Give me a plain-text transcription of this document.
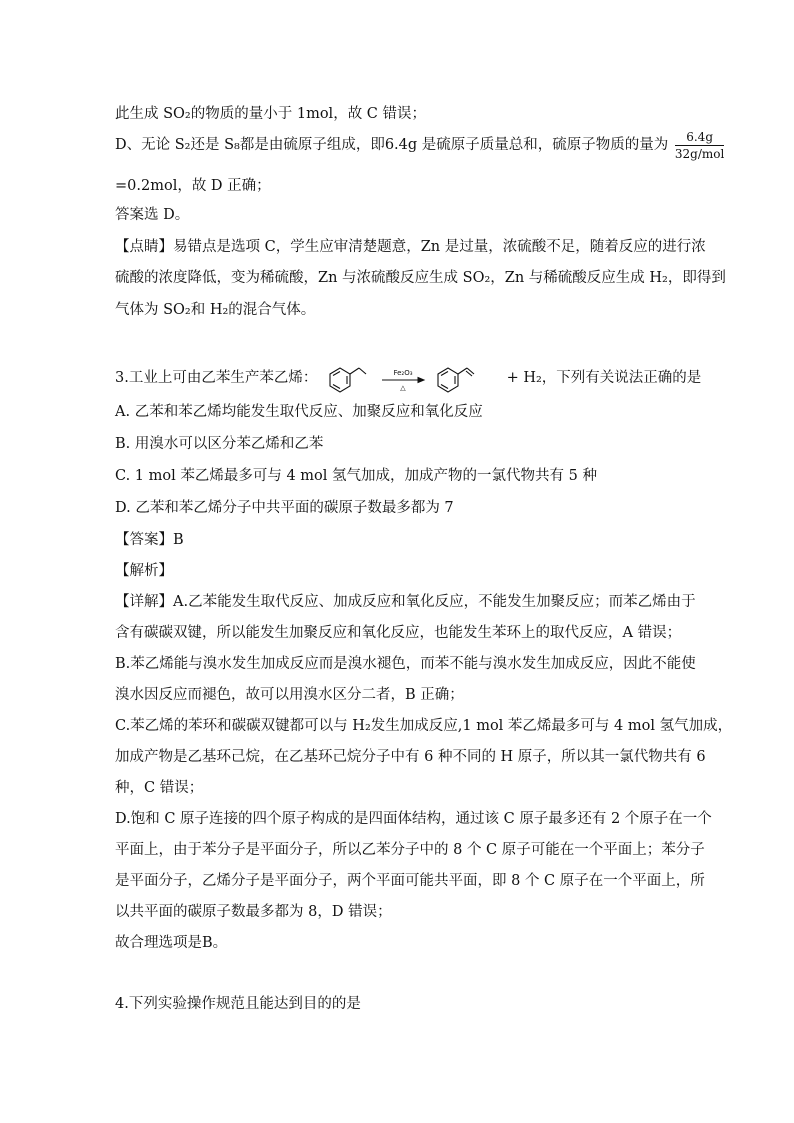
此生成 SO₂的物质的量小于 1mol，故 C 错误；
D、无论 S₂还是 S₈都是由硫原子组成，即6.4g 是硫原子质量总和，硫原子物质的量为 $\frac{6.4g}{\text{32g/mol}}$
=0.2mol，故 D 正确；
答案选 D。
【点睛】易错点是选项 C，学生应审清楚题意，Zn 是过量，浓硫酸不足，随着反应的进行浓
硫酸的浓度降低，变为稀硫酸，Zn 与浓硫酸反应生成 SO₂，Zn 与稀硫酸反应生成 H₂，即得到
气体为 SO₂和 H₂的混合气体。
3.工业上可由乙苯生产苯乙烯：	Fe₂O₃
△
+ H₂，下列有关说法正确的是
A. 乙苯和苯乙烯均能发生取代反应、加聚反应和氧化反应
B. 用溴水可以区分苯乙烯和乙苯
C. 1 mol 苯乙烯最多可与 4 mol 氢气加成，加成产物的一氯代物共有 5 种
D. 乙苯和苯乙烯分子中共平面的碳原子数最多都为 7
【答案】B
【解析】
【详解】A.乙苯能发生取代反应、加成反应和氧化反应，不能发生加聚反应；而苯乙烯由于
含有碳碳双键，所以能发生加聚反应和氧化反应，也能发生苯环上的取代反应，A 错误；
B.苯乙烯能与溴水发生加成反应而是溴水褪色，而苯不能与溴水发生加成反应，因此不能使
溴水因反应而褪色，故可以用溴水区分二者，B 正确；
C.苯乙烯的苯环和碳碳双键都可以与 H₂发生加成反应,1 mol 苯乙烯最多可与 4 mol 氢气加成，
加成产物是乙基环己烷，在乙基环己烷分子中有 6 种不同的 H 原子，所以其一氯代物共有 6
种，C 错误；
D.饱和 C 原子连接的四个原子构成的是四面体结构，通过该 C 原子最多还有 2 个原子在一个
平面上，由于苯分子是平面分子，所以乙苯分子中的 8 个 C 原子可能在一个平面上；苯分子
是平面分子，乙烯分子是平面分子，两个平面可能共平面，即 8 个 C 原子在一个平面上，所
以共平面的碳原子数最多都为 8，D 错误；
故合理选项是B。
4.下列实验操作规范且能达到目的的是
